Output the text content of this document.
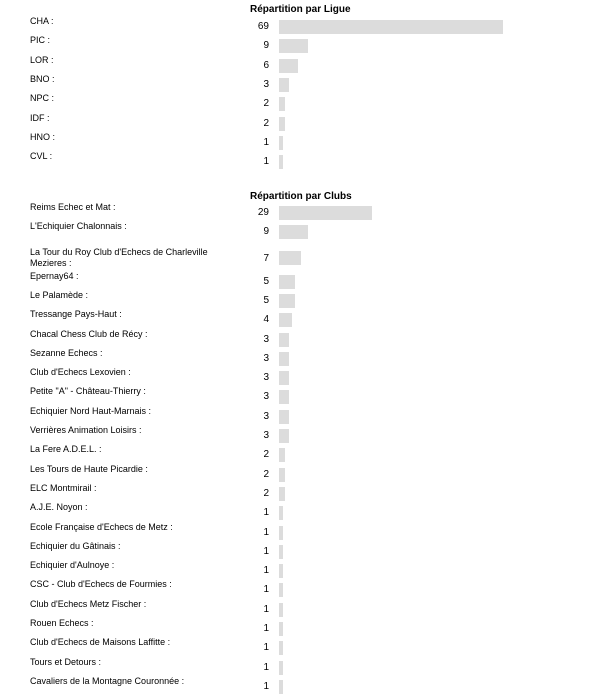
Répartition par Ligue
CHA :	69
PIC :	9
LOR :	6
BNO :	3
NPC :	2
IDF :	2
HNO :	1
CVL :	1
Répartition par Clubs
Reims Echec et Mat :	29
L'Echiquier Chalonnais :	9
La Tour du Roy Club d'Echecs de Charleville Mezieres :	7
Epernay64 :	5
Le Palamède :	5
Tressange Pays-Haut :	4
Chacal Chess Club de Récy :	3
Sezanne Echecs :	3
Club d'Echecs Lexovien :	3
Petite "A" - Château-Thierry :	3
Echiquier Nord Haut-Marnais :	3
Verrières Animation Loisirs :	3
La Fere A.D.E.L. :	2
Les Tours de Haute Picardie :	2
ELC Montmirail :	2
A.J.E. Noyon :	1
Ecole Française d'Echecs de Metz :	1
Echiquier du Gâtinais :	1
Echiquier d'Aulnoye :	1
CSC - Club d'Echecs de Fourmies :	1
Club d'Echecs Metz Fischer :	1
Rouen Echecs :	1
Club d'Echecs de Maisons Laffitte :	1
Tours et Detours :	1
Cavaliers de la Montagne Couronnée :	1
